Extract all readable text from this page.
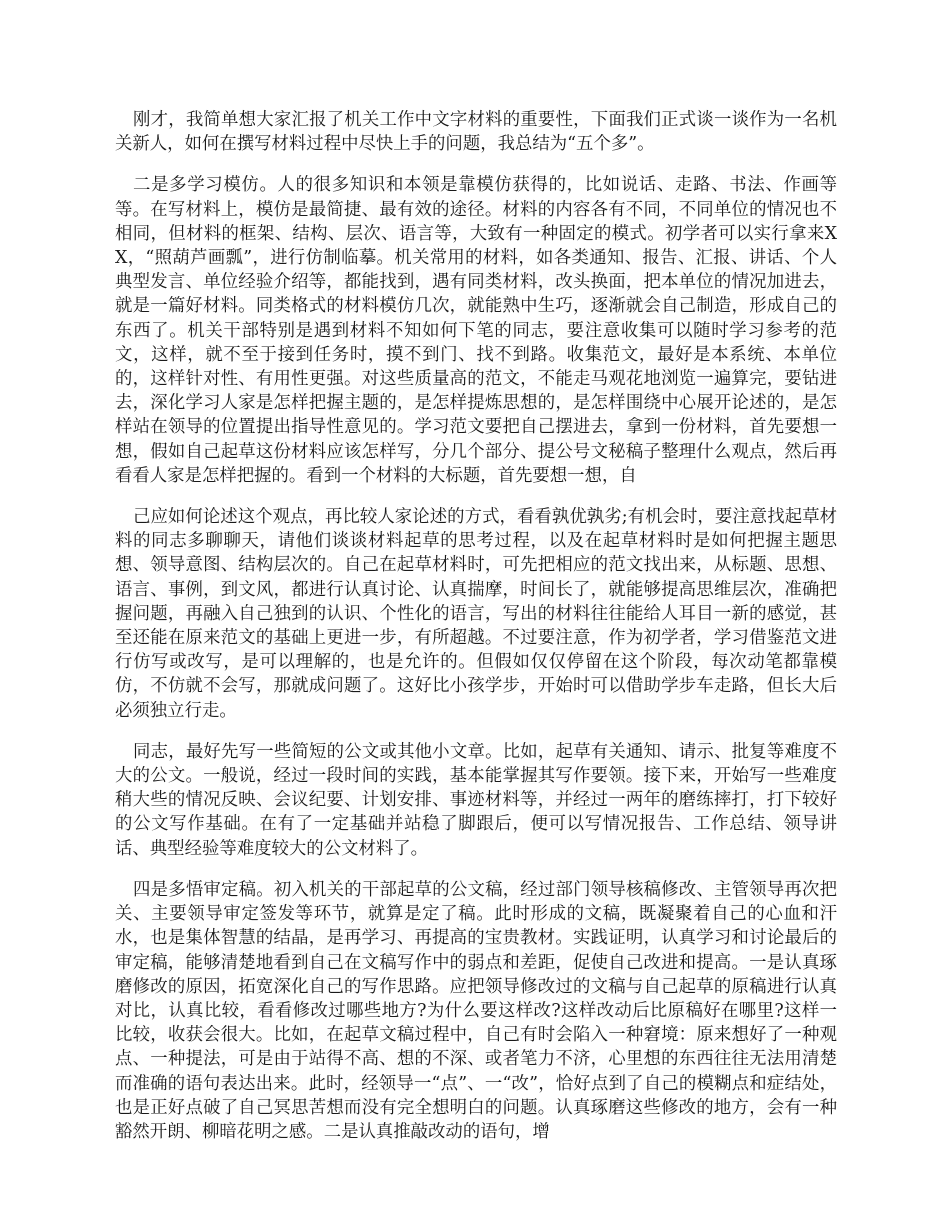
刚才，我简单想大家汇报了机关工作中文字材料的重要性，下面我们正式谈一谈作为一名机关新人，如何在撰写材料过程中尽快上手的问题，我总结为“五个多”。

二是多学习模仿。人的很多知识和本领是靠模仿获得的，比如说话、走路、书法、作画等等。在写材料上，模仿是最简捷、最有效的途径。材料的内容各有不同，不同单位的情况也不相同，但材料的框架、结构、层次、语言等，大致有一种固定的模式。初学者可以实行拿来XX，“照葫芦画瓢”，进行仿制临摹。机关常用的材料，如各类通知、报告、汇报、讲话、个人典型发言、单位经验介绍等，都能找到，遇有同类材料，改头换面，把本单位的情况加进去，就是一篇好材料。同类格式的材料模仿几次，就能熟中生巧，逐渐就会自己制造，形成自己的东西了。机关干部特别是遇到材料不知如何下笔的同志，要注意收集可以随时学习参考的范文，这样，就不至于接到任务时，摸不到门、找不到路。收集范文，最好是本系统、本单位的，这样针对性、有用性更强。对这些质量高的范文，不能走马观花地浏览一遍算完，要钻进去，深化学习人家是怎样把握主题的，是怎样提炼思想的，是怎样围绕中心展开论述的，是怎样站在领导的位置提出指导性意见的。学习范文要把自己摆进去，拿到一份材料，首先要想一想，假如自己起草这份材料应该怎样写，分几个部分、提公号文秘稿子整理什么观点，然后再看看人家是怎样把握的。看到一个材料的大标题，首先要想一想，自

己应如何论述这个观点，再比较人家论述的方式，看看孰优孰劣;有机会时，要注意找起草材料的同志多聊聊天，请他们谈谈材料起草的思考过程，以及在起草材料时是如何把握主题思想、领导意图、结构层次的。自己在起草材料时，可先把相应的范文找出来，从标题、思想、语言、事例，到文风，都进行认真讨论、认真揣摩，时间长了，就能够提高思维层次，准确把握问题，再融入自己独到的认识、个性化的语言，写出的材料往往能给人耳目一新的感觉，甚至还能在原来范文的基础上更进一步，有所超越。不过要注意，作为初学者，学习借鉴范文进行仿写或改写，是可以理解的，也是允许的。但假如仅仅停留在这个阶段，每次动笔都靠模仿，不仿就不会写，那就成问题了。这好比小孩学步，开始时可以借助学步车走路，但长大后必须独立行走。

同志，最好先写一些简短的公文或其他小文章。比如，起草有关通知、请示、批复等难度不大的公文。一般说，经过一段时间的实践，基本能掌握其写作要领。接下来，开始写一些难度稍大些的情况反映、会议纪要、计划安排、事迹材料等，并经过一两年的磨练摔打，打下较好的公文写作基础。在有了一定基础并站稳了脚跟后，便可以写情况报告、工作总结、领导讲话、典型经验等难度较大的公文材料了。

四是多悟审定稿。初入机关的干部起草的公文稿，经过部门领导核稿修改、主管领导再次把关、主要领导审定签发等环节，就算是定了稿。此时形成的文稿，既凝聚着自己的心血和汗水，也是集体智慧的结晶，是再学习、再提高的宝贵教材。实践证明，认真学习和讨论最后的审定稿，能够清楚地看到自己在文稿写作中的弱点和差距，促使自己改进和提高。一是认真琢磨修改的原因，拓宽深化自己的写作思路。应把领导修改过的文稿与自己起草的原稿进行认真对比，认真比较，看看修改过哪些地方?为什么要这样改?这样改动后比原稿好在哪里?这样一比较，收获会很大。比如，在起草文稿过程中，自己有时会陷入一种窘境：原来想好了一种观点、一种提法，可是由于站得不高、想的不深、或者笔力不济，心里想的东西往往无法用清楚而准确的语句表达出来。此时，经领导一“点”、一“改”，恰好点到了自己的模糊点和症结处，也是正好点破了自己冥思苦想而没有完全想明白的问题。认真琢磨这些修改的地方，会有一种豁然开朗、柳暗花明之感。二是认真推敲改动的语句，增
